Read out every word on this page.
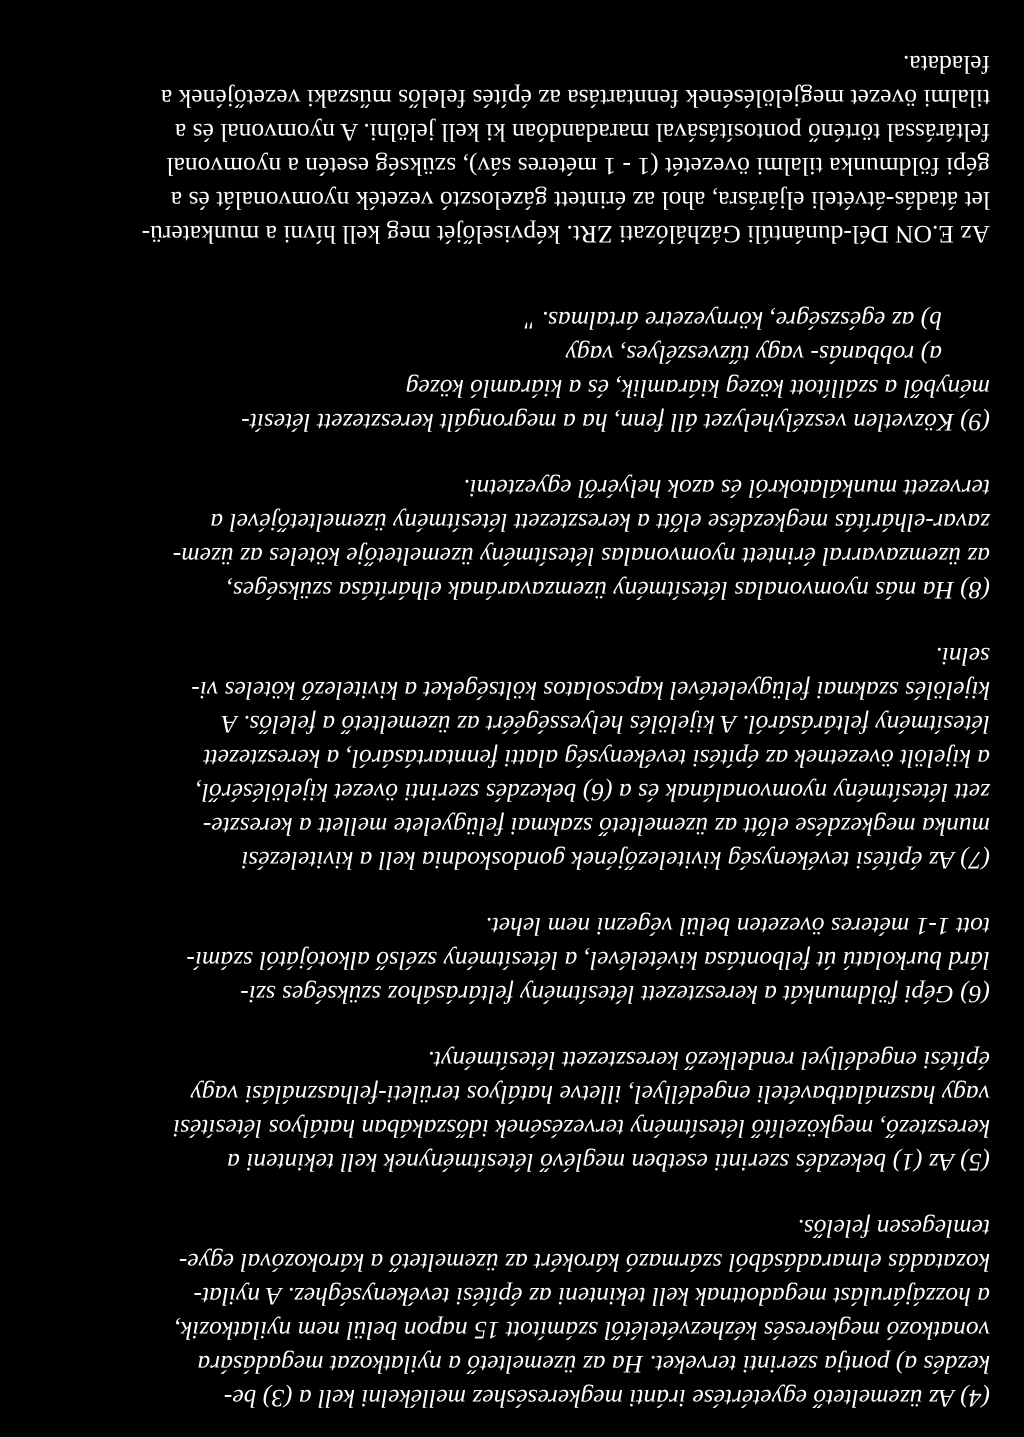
(4) Az üzemeltető egyetértése iránti megkereséshez mellékelni kell a (3) be-
kezdés a) pontja szerinti terveket. Ha az üzemeltető a nyilatkozat megadására
vonatkozó megkeresés kézhezvételétől számított 15 napon belül nem nyilatkozik,
a hozzájárulást megadottnak kell tekinteni az építési tevékenységhez. A nyilat-
kozatadás elmaradásából származó károkért az üzemeltető a károkozóval egye-
temlegesen felelős.
(5) Az (1) bekezdés szerinti esetben meglévő létesítménynek kell tekinteni a
keresztező, megközelítő létesítmény tervezésének időszakában hatályos létesítési
vagy használatbavételi engedéllyel, illetve hatályos területi-felhasználási vagy
építési engedéllyel rendelkező keresztezett létesítményt.
(6) Gépi földmunkát a keresztezett létesítmény feltárásához szükséges szi-
lárd burkolatú út felbontása kivételével, a létesítmény szélső alkotójától számí-
tott 1-1 méteres övezeten belül végezni nem lehet.
(7) Az építési tevékenység kivitelezőjének gondoskodnia kell a kivitelezési
munka megkezdése előtt az üzemeltető szakmai felügyelete mellett a kereszte-
zett létesítmény nyomvonalának és a (6) bekezdés szerinti övezet kijelöléséről,
a kijelölt övezetnek az építési tevékenység alatti fenntartásáról, a keresztezett
létesítmény feltárásáról. A kijelölés helyességéért az üzemeltető a felelős. A
kijelölés szakmai felügyeletével kapcsolatos költségeket a kivitelező köteles vi-
selni.
(8) Ha más nyomvonalas létesítmény üzemzavarának elhárítása szükséges,
az üzemzavarral érintett nyomvonalas létesítmény üzemeltetője köteles az üzem-
zavar-elhárítás megkezdése előtt a keresztezett létesítmény üzemeltetőjével a
tervezett munkálatokról és azok helyéről egyeztetni.
(9) Közvetlen veszélyhelyzet áll fenn, ha a megrongált keresztezett létesít-
ményből a szállított közeg kiáramlik, és a kiáramló közeg
a) robbanás- vagy tűzveszélyes, vagy
b) az egészségre, környezetre ártalmas. "
Az E.ON Dél-dunántúli Gázhálózati ZRt. képviselőjét meg kell hívni a munkaterü-
let átadás-átvételi eljárásra, ahol az érintett gázelosztó vezeték nyomvonalát és a
gépi földmunka tilalmi övezetét (1 - 1 méteres sáv), szükség esetén a nyomvonal
feltárással történő pontosításával maradandóan ki kell jelölni. A nyomvonal és a
tilalmi övezet megjelölésének fenntartása az építés felelős műszaki vezetőjének a
feladata.
